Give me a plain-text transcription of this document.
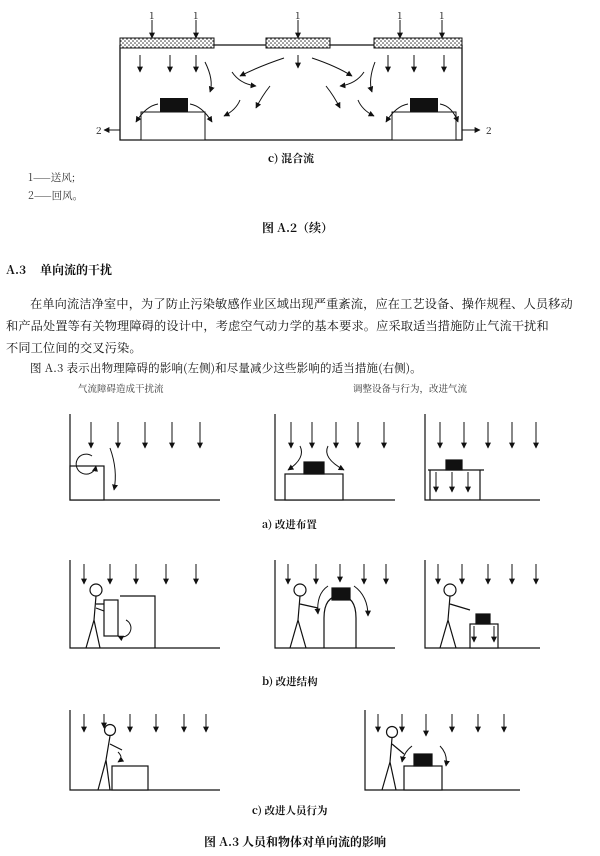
1	1	1	1	1
2	2
c) 混合流
1——送风;
2——回风。
图 A.2（续）
A.3 单向流的干扰
在单向流洁净室中，为了防止污染敏感作业区域出现严重紊流，应在工艺设备、操作规程、人员移动
和产品处置等有关物理障碍的设计中，考虑空气动力学的基本要求。应采取适当措施防止气流干扰和
不同工位间的交叉污染。
图 A.3 表示出物理障碍的影响(左侧)和尽量减少这些影响的适当措施(右侧)。
气流障碍造成干扰流	调整设备与行为，改进气流
a) 改进布置
b) 改进结构
c) 改进人员行为
图 A.3 人员和物体对单向流的影响
